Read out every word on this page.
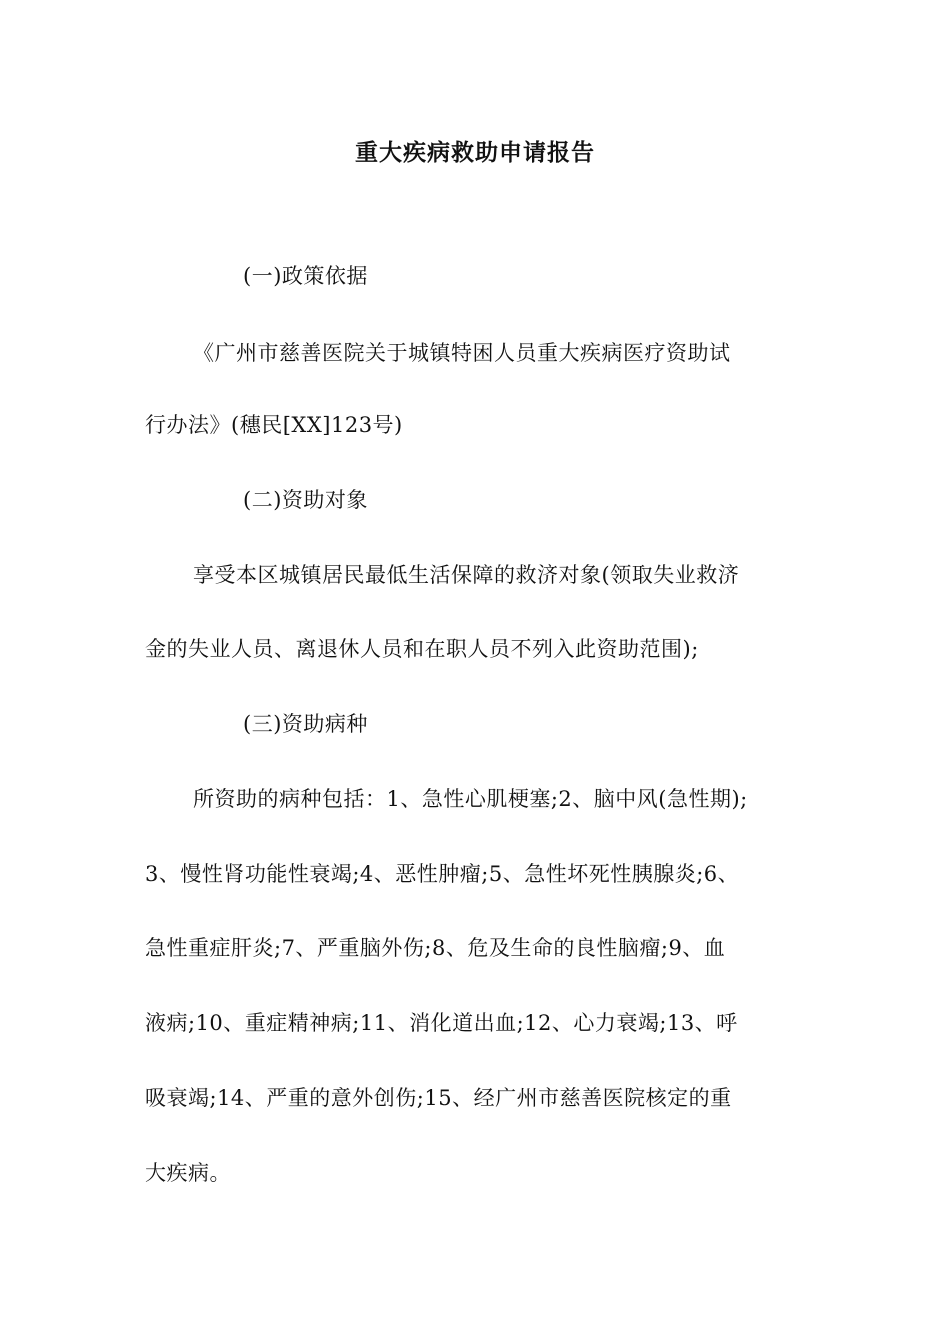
重大疾病救助申请报告
(一)政策依据
《广州市慈善医院关于城镇特困人员重大疾病医疗资助试
行办法》(穗民[XX]123号)
(二)资助对象
享受本区城镇居民最低生活保障的救济对象(领取失业救济
金的失业人员、离退休人员和在职人员不列入此资助范围);
(三)资助病种
所资助的病种包括：1、急性心肌梗塞;2、脑中风(急性期);
3、慢性肾功能性衰竭;4、恶性肿瘤;5、急性坏死性胰腺炎;6、
急性重症肝炎;7、严重脑外伤;8、危及生命的良性脑瘤;9、血
液病;10、重症精神病;11、消化道出血;12、心力衰竭;13、呼
吸衰竭;14、严重的意外创伤;15、经广州市慈善医院核定的重
大疾病。
